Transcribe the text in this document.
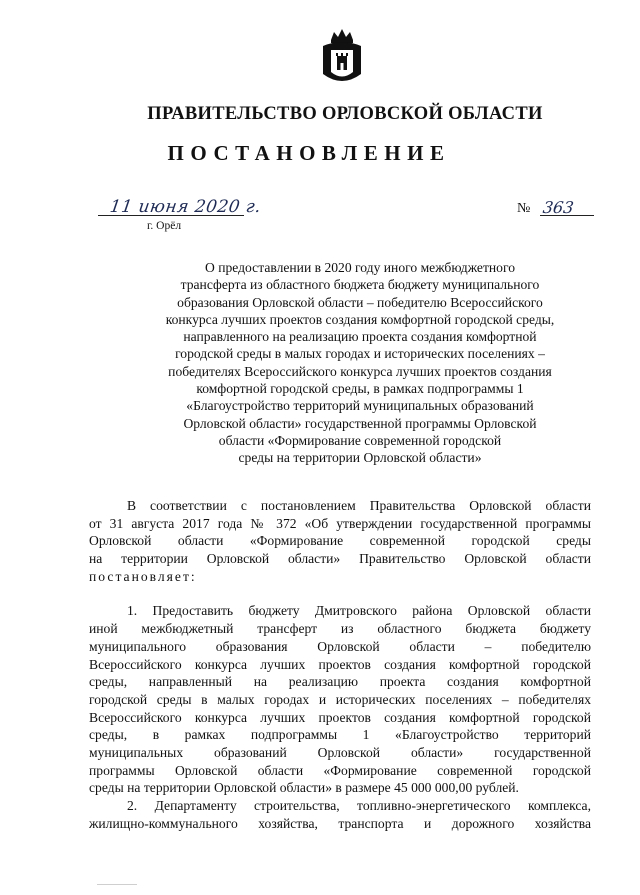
ПРАВИТЕЛЬСТВО ОРЛОВСКОЙ ОБЛАСТИ
ПОСТАНОВЛЕНИЕ
11 июня 2020 г.	№ 363
г. Орёл
О предоставлении в 2020 году иного межбюджетного
трансферта из областного бюджета бюджету муниципального
образования Орловской области – победителю Всероссийского
конкурса лучших проектов создания комфортной городской среды,
направленного на реализацию проекта создания комфортной
городской среды в малых городах и исторических поселениях –
победителях Всероссийского конкурса лучших проектов создания
комфортной городской среды, в рамках подпрограммы 1
«Благоустройство территорий муниципальных образований
Орловской области» государственной программы Орловской
области «Формирование современной городской
среды на территории Орловской области»
В соответствии с постановлением Правительства Орловской области
от 31 августа 2017 года № 372 «Об утверждении государственной программы
Орловской области «Формирование современной городской среды
на территории Орловской области» Правительство Орловской области
постановляет:
1. Предоставить бюджету Дмитровского района Орловской области
иной межбюджетный трансферт из областного бюджета бюджету
муниципального образования Орловской области – победителю
Всероссийского конкурса лучших проектов создания комфортной городской
среды, направленный на реализацию проекта создания комфортной
городской среды в малых городах и исторических поселениях – победителях
Всероссийского конкурса лучших проектов создания комфортной городской
среды, в рамках подпрограммы 1 «Благоустройство территорий
муниципальных образований Орловской области» государственной
программы Орловской области «Формирование современной городской
среды на территории Орловской области» в размере 45 000 000,00 рублей.
2. Департаменту строительства, топливно-энергетического комплекса,
жилищно-коммунального хозяйства, транспорта и дорожного хозяйства
